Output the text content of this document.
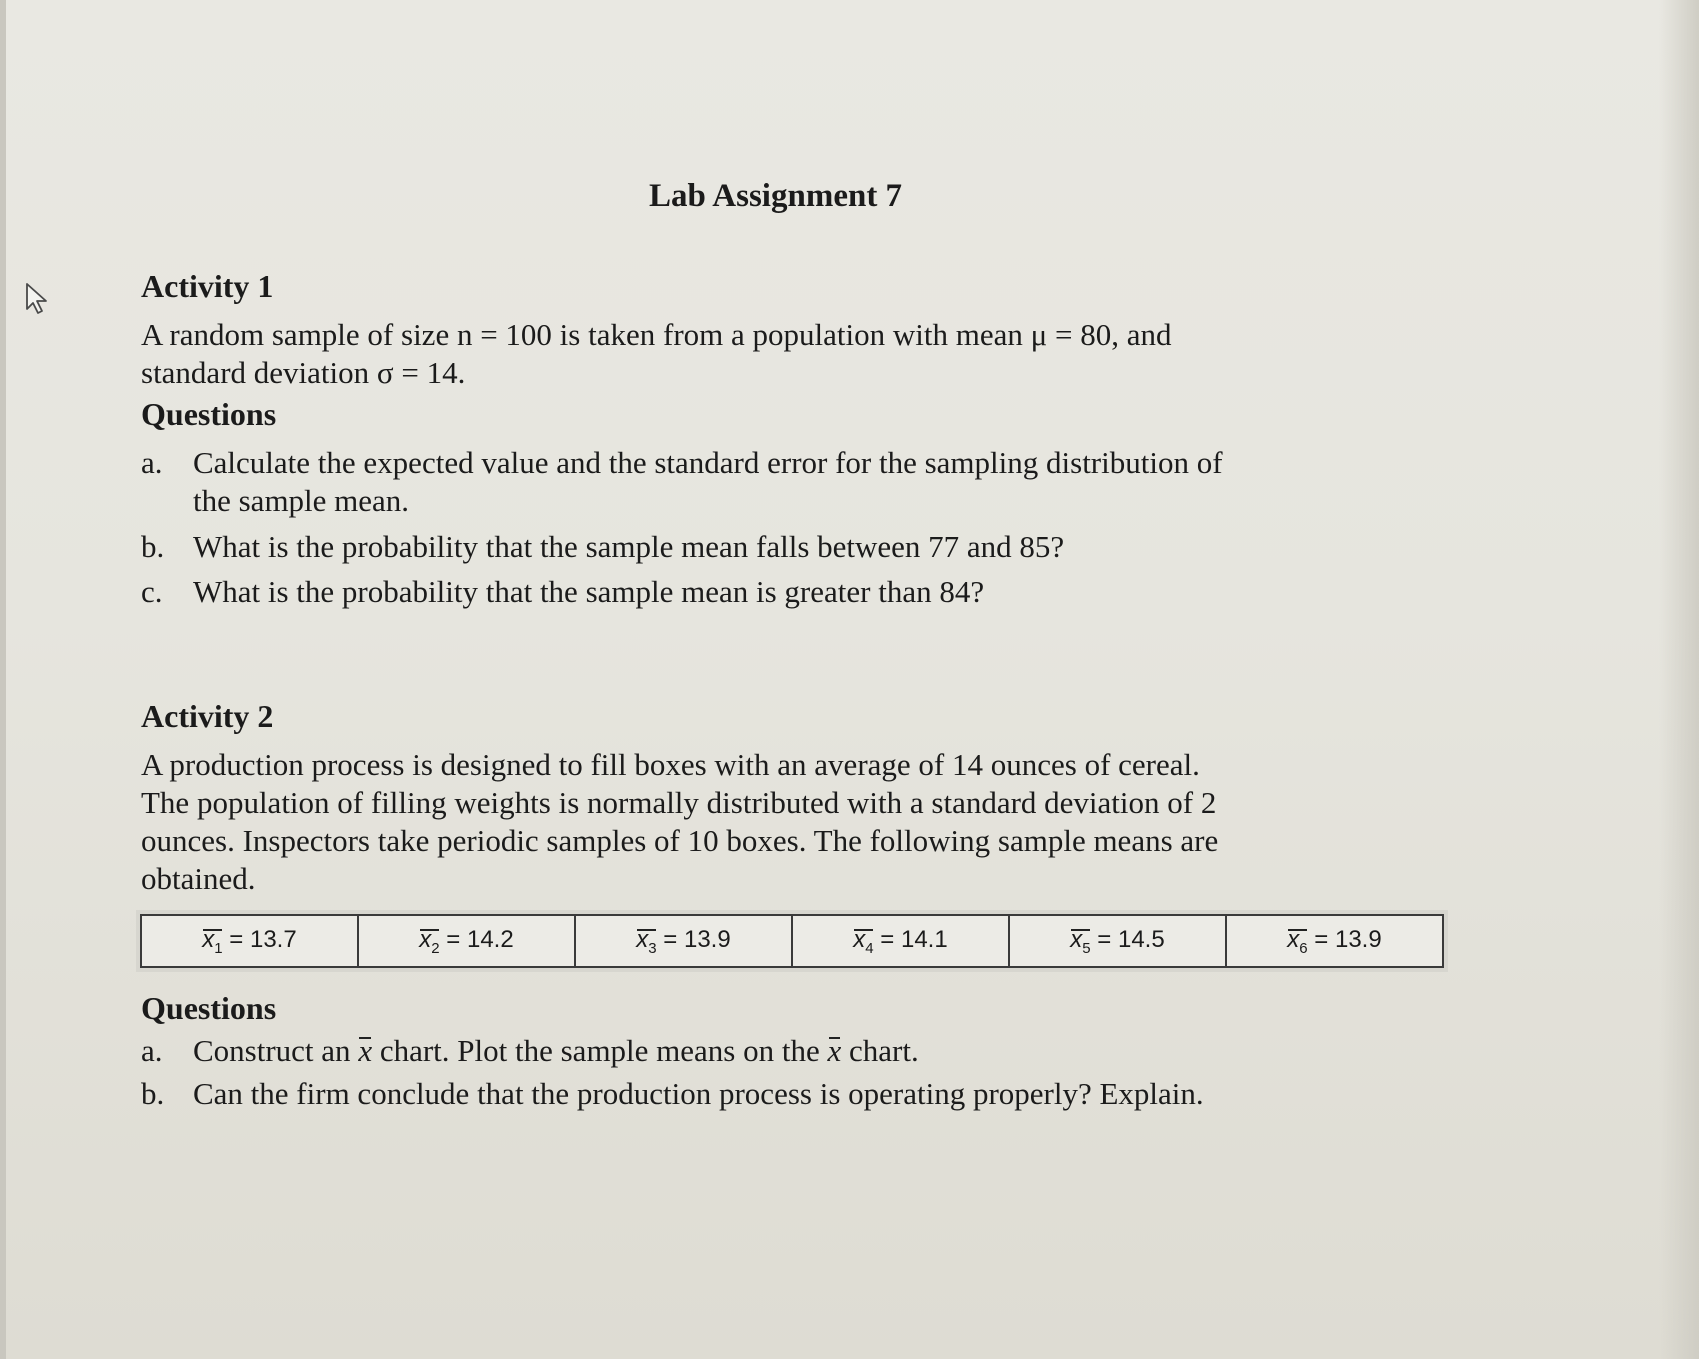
Lab Assignment 7
Activity 1
A random sample of size n = 100 is taken from a population with mean μ = 80, and
standard deviation σ = 14.
Questions
a. Calculate the expected value and the standard error for the sampling distribution of
the sample mean.
b. What is the probability that the sample mean falls between 77 and 85?
c. What is the probability that the sample mean is greater than 84?
Activity 2
A production process is designed to fill boxes with an average of 14 ounces of cereal.
The population of filling weights is normally distributed with a standard deviation of 2
ounces. Inspectors take periodic samples of 10 boxes. The following sample means are
obtained.
$x_1 = 13.7$	$x_2 = 14.2$	$x_3 = 13.9$	$x_4 = 14.1$	$x_5 = 14.5$	$x_6 = 13.9$
Questions
a. Construct an x chart. Plot the sample means on the x chart.
b. Can the firm conclude that the production process is operating properly? Explain.
